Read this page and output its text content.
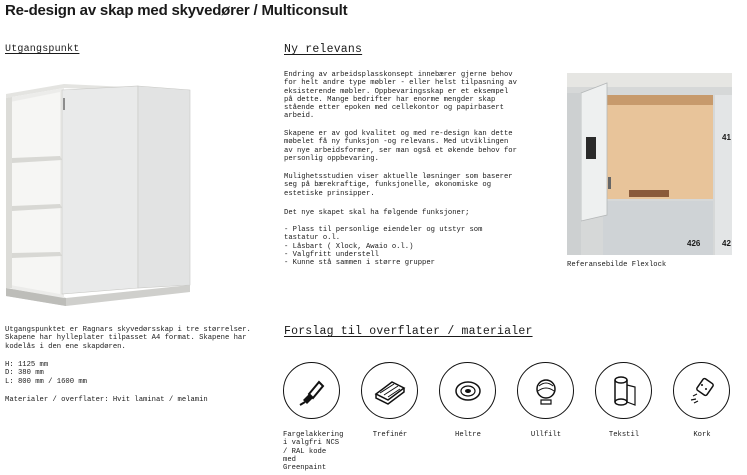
Re-design av skap med skyvedører / Multiconsult
Utgangspunkt
Utgangspunktet er Ragnars skyvedørsskap i tre størrelser.
Skapene har hylleplater tilpasset A4 format. Skapene har
kodelås i den ene skapdøren.
H: 1125 mm
D: 380 mm
L: 800 mm / 1600 mm
Materialer / overflater: Hvit laminat / melamin
Ny relevans
Endring av arbeidsplasskonsept innebærer gjerne behov
for helt andre type møbler - eller helst tilpasning av
eksisterende møbler. Oppbevaringsskap er et eksempel
på dette. Mange bedrifter har enorme mengder skap
stående etter epoken med cellekontor og papirbasert
arbeid.
Skapene er av god kvalitet og med re-design kan dette
møbelet få ny funksjon -og relevans. Med utviklingen
av nye arbeidsformer, ser man også et økende behov for
personlig oppbevaring.
Mulighetsstudien viser aktuelle løsninger som baserer
seg på bærekraftige, funksjonelle, økonomiske og
estetiske prinsipper.
Det nye skapet skal ha følgende funksjoner;
- Plass til personlige eiendeler og utstyr som
tastatur o.l.
- Låsbart ( Xlock, Awaio o.l.)
- Valgfritt understell
- Kunne stå sammen i større grupper
426	42
41
Referansebilde Flexlock
Forslag til overflater / materialer
Fargelakkering
i valgfri NCS
/ RAL kode med
Greenpaint
Trefinér	Heltre	Ullfilt	Tekstil	Kork
